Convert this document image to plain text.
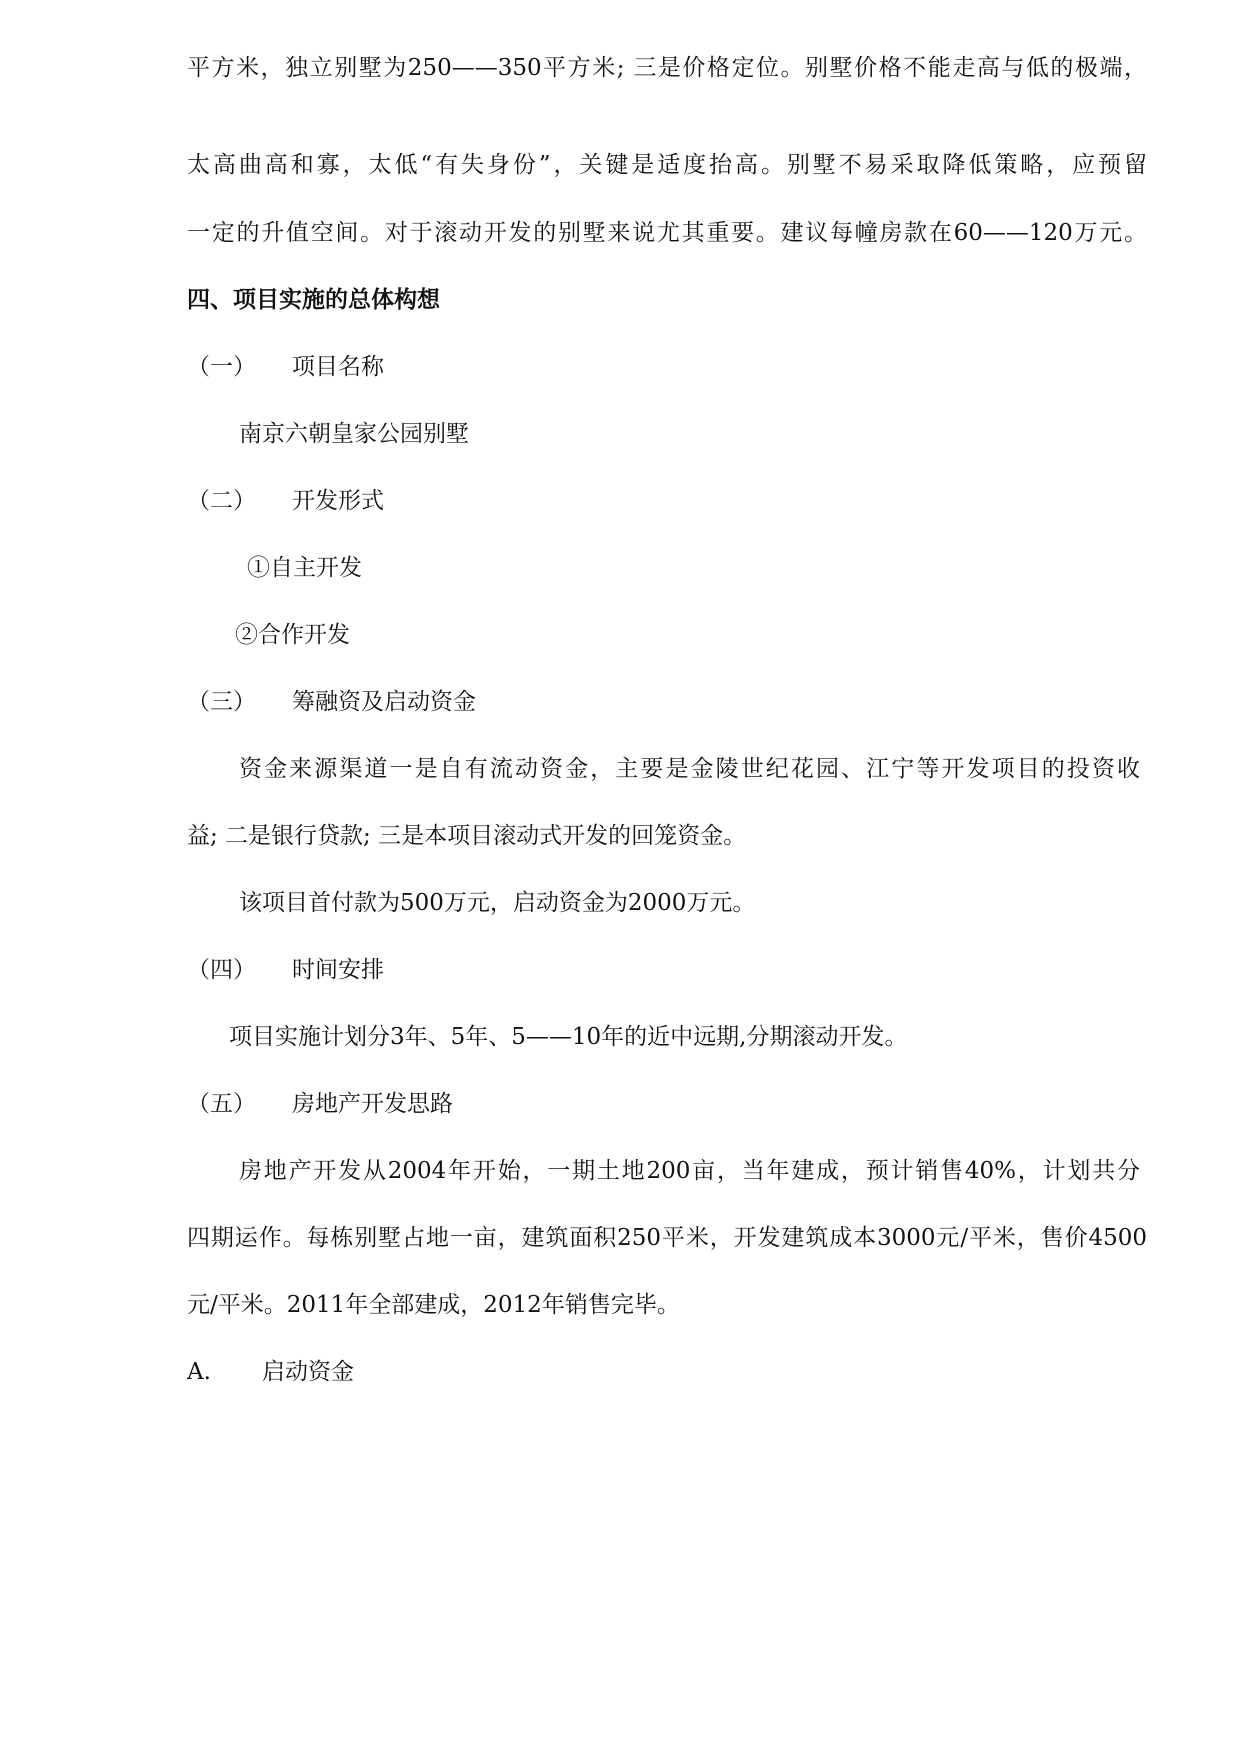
平方米，独立别墅为250——350平方米; 三是价格定位。别墅价格不能走高与低的极端，
太高曲高和寡，太低“有失身份”，关键是适度抬高。别墅不易采取降低策略，应预留
一定的升值空间。对于滚动开发的别墅来说尤其重要。建议每幢房款在60——120万元。
四、项目实施的总体构想
（一） 项目名称
南京六朝皇家公园别墅
（二） 开发形式
①自主开发
②合作开发
（三） 筹融资及启动资金
资金来源渠道一是自有流动资金，主要是金陵世纪花园、江宁等开发项目的投资收
益; 二是银行贷款; 三是本项目滚动式开发的回笼资金。
该项目首付款为500万元，启动资金为2000万元。
（四） 时间安排
项目实施计划分3年、5年、5——10年的近中远期,分期滚动开发。
（五） 房地产开发思路
房地产开发从2004年开始，一期土地200亩，当年建成，预计销售40%，计划共分
四期运作。每栋别墅占地一亩，建筑面积250平米，开发建筑成本3000元/平米，售价4500
元/平米。2011年全部建成，2012年销售完毕。
A. 启动资金
